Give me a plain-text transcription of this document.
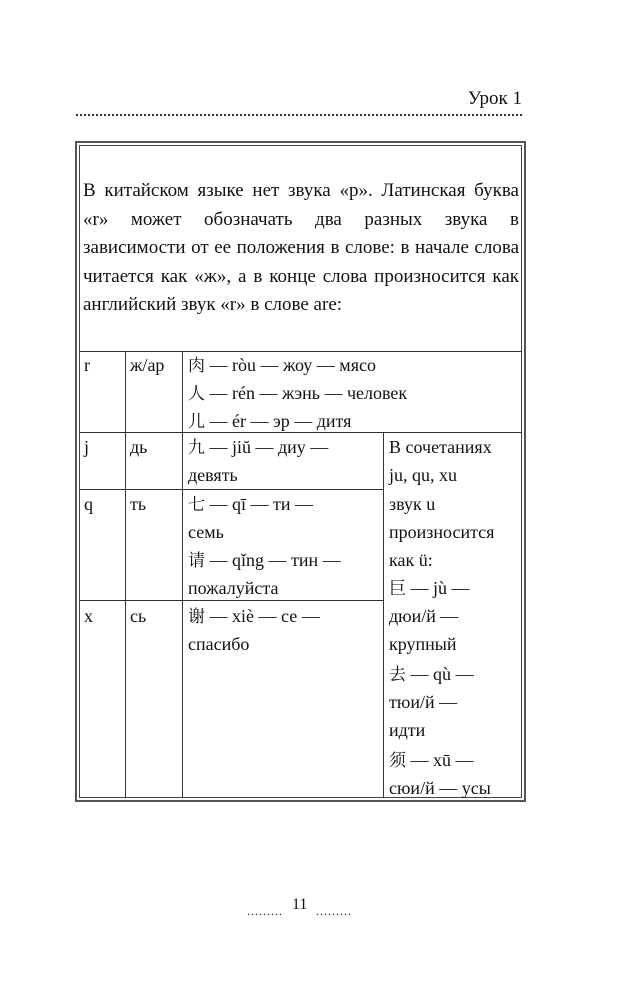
Урок 1
В китайском языке нет звука «р». Латинская буква «r» может обозначать два разных звука в зависимости от ее положения в слове: в начале слова читается как «ж», а в конце слова произносится как английский звук «r» в слове are:
r ж/ар 肉 — ròu — жоу — мясо
人 — rén — жэнь — человек
儿 — ér — эр — дитя
j дь 九 — jiŭ — диу —
девять
q ть 七 — qī — ти —
семь
请 — qǐng — тин —
пожалуйста
x сь 谢 — xiè — се —
спасибо
В сочетаниях
ju, qu, xu
звук u
произносится
как ü:
巨 — jù —
дюи/й —
крупный
去 — qù —
тюи/й —
идти
须 — xū —
сюи/й — усы
......... 11 .........
